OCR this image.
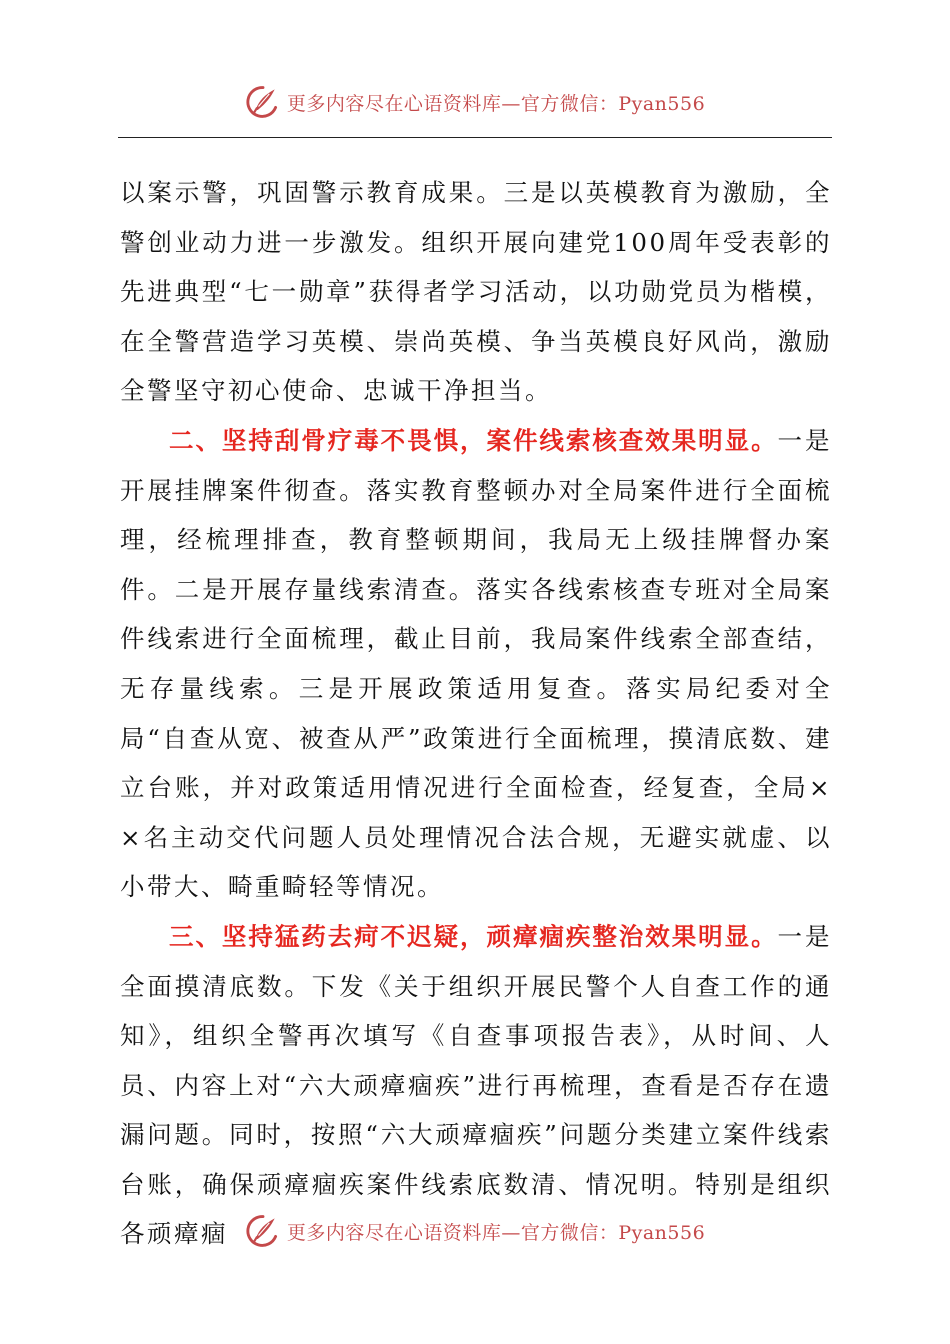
更多内容尽在心语资料库—官方微信：Pyan556

以案示警，巩固警示教育成果。三是以英模教育为激励，全警创业动力进一步激发。组织开展向建党100周年受表彰的先进典型“七一勋章”获得者学习活动，以功勋党员为楷模，在全警营造学习英模、崇尚英模、争当英模良好风尚，激励全警坚守初心使命、忠诚干净担当。

二、坚持刮骨疗毒不畏惧，案件线索核查效果明显。一是开展挂牌案件彻查。落实教育整顿办对全局案件进行全面梳理，经梳理排查，教育整顿期间，我局无上级挂牌督办案件。二是开展存量线索清查。落实各线索核查专班对全局案件线索进行全面梳理，截止目前，我局案件线索全部查结，无存量线索。三是开展政策适用复查。落实局纪委对全局“自查从宽、被查从严”政策进行全面梳理，摸清底数、建立台账，并对政策适用情况进行全面检查，经复查，全局××名主动交代问题人员处理情况合法合规，无避实就虚、以小带大、畸重畸轻等情况。

三、坚持猛药去疴不迟疑，顽瘴痼疾整治效果明显。一是全面摸清底数。下发《关于组织开展民警个人自查工作的通知》，组织全警再次填写《自查事项报告表》，从时间、人员、内容上对“六大顽瘴痼疾”进行再梳理，查看是否存在遗漏问题。同时，按照“六大顽瘴痼疾”问题分类建立案件线索台账，确保顽瘴痼疾案件线索底数清、情况明。特别是组织各顽瘴痼	更多内容尽在心语资料库—官方微信：Pyan556
